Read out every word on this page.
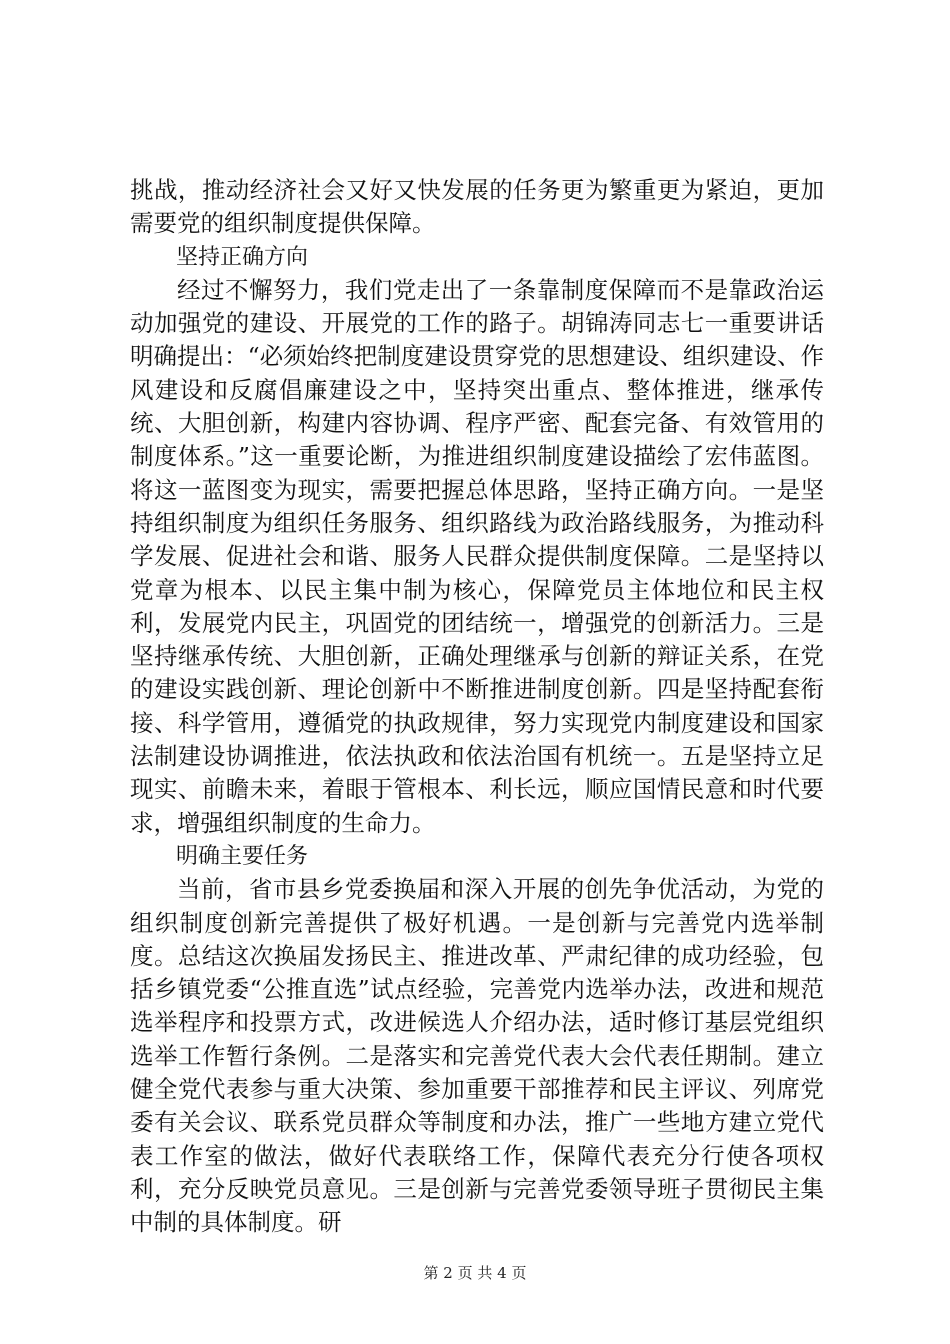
挑战，推动经济社会又好又快发展的任务更为繁重更为紧迫，更加需要党的组织制度提供保障。

坚持正确方向

经过不懈努力，我们党走出了一条靠制度保障而不是靠政治运动加强党的建设、开展党的工作的路子。胡锦涛同志七一重要讲话明确提出：“必须始终把制度建设贯穿党的思想建设、组织建设、作风建设和反腐倡廉建设之中，坚持突出重点、整体推进，继承传统、大胆创新，构建内容协调、程序严密、配套完备、有效管用的制度体系。”这一重要论断，为推进组织制度建设描绘了宏伟蓝图。将这一蓝图变为现实，需要把握总体思路，坚持正确方向。一是坚持组织制度为组织任务服务、组织路线为政治路线服务，为推动科学发展、促进社会和谐、服务人民群众提供制度保障。二是坚持以党章为根本、以民主集中制为核心，保障党员主体地位和民主权利，发展党内民主，巩固党的团结统一，增强党的创新活力。三是坚持继承传统、大胆创新，正确处理继承与创新的辩证关系，在党的建设实践创新、理论创新中不断推进制度创新。四是坚持配套衔接、科学管用，遵循党的执政规律，努力实现党内制度建设和国家法制建设协调推进，依法执政和依法治国有机统一。五是坚持立足现实、前瞻未来，着眼于管根本、利长远，顺应国情民意和时代要求，增强组织制度的生命力。

明确主要任务

当前，省市县乡党委换届和深入开展的创先争优活动，为党的组织制度创新完善提供了极好机遇。一是创新与完善党内选举制度。总结这次换届发扬民主、推进改革、严肃纪律的成功经验，包括乡镇党委“公推直选”试点经验，完善党内选举办法，改进和规范选举程序和投票方式，改进候选人介绍办法，适时修订基层党组织选举工作暂行条例。二是落实和完善党代表大会代表任期制。建立健全党代表参与重大决策、参加重要干部推荐和民主评议、列席党委有关会议、联系党员群众等制度和办法，推广一些地方建立党代表工作室的做法，做好代表联络工作，保障代表充分行使各项权利，充分反映党员意见。三是创新与完善党委领导班子贯彻民主集中制的具体制度。研

第 2 页 共 4 页
